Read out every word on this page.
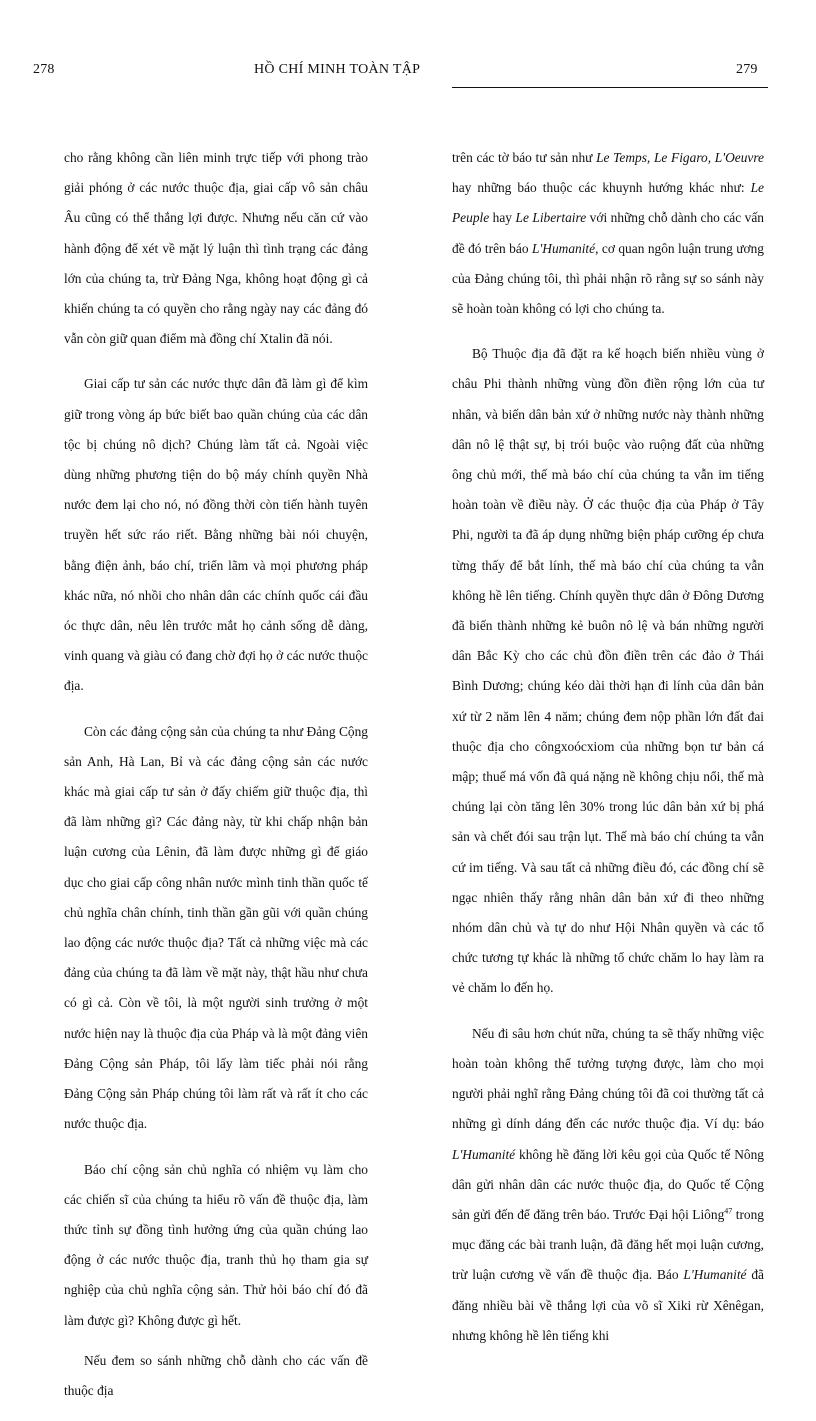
278	HỒ CHÍ MINH TOÀN TẬP	279

cho rằng không cần liên minh trực tiếp với phong trào giải phóng ở các nước thuộc địa, giai cấp vô sản châu Âu cũng có thể thắng lợi được. Nhưng nếu căn cứ vào hành động để xét về mặt lý luận thì tình trạng các đảng lớn của chúng ta, trừ Đảng Nga, không hoạt động gì cả khiến chúng ta có quyền cho rằng ngày nay các đảng đó vẫn còn giữ quan điểm mà đồng chí Xtalin đã nói.

Giai cấp tư sản các nước thực dân đã làm gì để kìm giữ trong vòng áp bức biết bao quần chúng của các dân tộc bị chúng nô dịch? Chúng làm tất cả. Ngoài việc dùng những phương tiện do bộ máy chính quyền Nhà nước đem lại cho nó, nó đồng thời còn tiến hành tuyên truyền hết sức ráo riết. Bằng những bài nói chuyện, bằng điện ảnh, báo chí, triển lãm và mọi phương pháp khác nữa, nó nhồi cho nhân dân các chính quốc cái đầu óc thực dân, nêu lên trước mắt họ cảnh sống dễ dàng, vinh quang và giàu có đang chờ đợi họ ở các nước thuộc địa.

Còn các đảng cộng sản của chúng ta như Đảng Cộng sản Anh, Hà Lan, Bỉ và các đảng cộng sản các nước khác mà giai cấp tư sản ở đấy chiếm giữ thuộc địa, thì đã làm những gì? Các đảng này, từ khi chấp nhận bản luận cương của Lênin, đã làm được những gì để giáo dục cho giai cấp công nhân nước mình tinh thần quốc tế chủ nghĩa chân chính, tinh thần gần gũi với quần chúng lao động các nước thuộc địa? Tất cả những việc mà các đảng của chúng ta đã làm về mặt này, thật hầu như chưa có gì cả. Còn về tôi, là một người sinh trưởng ở một nước hiện nay là thuộc địa của Pháp và là một đảng viên Đảng Cộng sản Pháp, tôi lấy làm tiếc phải nói rằng Đảng Cộng sản Pháp chúng tôi làm rất và rất ít cho các nước thuộc địa.

Báo chí cộng sản chủ nghĩa có nhiệm vụ làm cho các chiến sĩ của chúng ta hiểu rõ vấn đề thuộc địa, làm thức tỉnh sự đồng tình hưởng ứng của quần chúng lao động ở các nước thuộc địa, tranh thủ họ tham gia sự nghiệp của chủ nghĩa cộng sản. Thử hỏi báo chí đó đã làm được gì? Không được gì hết.

Nếu đem so sánh những chỗ dành cho các vấn đề thuộc địa

trên các tờ báo tư sản như Le Temps, Le Figaro, L'Oeuvre hay những báo thuộc các khuynh hướng khác như: Le Peuple hay Le Libertaire với những chỗ dành cho các vấn đề đó trên báo L'Humanité, cơ quan ngôn luận trung ương của Đảng chúng tôi, thì phải nhận rõ rằng sự so sánh này sẽ hoàn toàn không có lợi cho chúng ta.

Bộ Thuộc địa đã đặt ra kế hoạch biến nhiều vùng ở châu Phi thành những vùng đồn điền rộng lớn của tư nhân, và biến dân bản xứ ở những nước này thành những dân nô lệ thật sự, bị trói buộc vào ruộng đất của những ông chủ mới, thế mà báo chí của chúng ta vẫn im tiếng hoàn toàn về điều này. Ở các thuộc địa của Pháp ở Tây Phi, người ta đã áp dụng những biện pháp cưỡng ép chưa từng thấy để bắt lính, thế mà báo chí của chúng ta vẫn không hề lên tiếng. Chính quyền thực dân ở Đông Dương đã biến thành những kẻ buôn nô lệ và bán những người dân Bắc Kỳ cho các chủ đồn điền trên các đảo ở Thái Bình Dương; chúng kéo dài thời hạn đi lính của dân bản xứ từ 2 năm lên 4 năm; chúng đem nộp phần lớn đất đai thuộc địa cho côngxoócxiom của những bọn tư bản cá mập; thuế má vốn đã quá nặng nề không chịu nổi, thế mà chúng lại còn tăng lên 30% trong lúc dân bản xứ bị phá sản và chết đói sau trận lụt. Thế mà báo chí chúng ta vẫn cứ im tiếng. Và sau tất cả những điều đó, các đồng chí sẽ ngạc nhiên thấy rằng nhân dân bản xứ đi theo những nhóm dân chủ và tự do như Hội Nhân quyền và các tổ chức tương tự khác là những tổ chức chăm lo hay làm ra vẻ chăm lo đến họ.

Nếu đi sâu hơn chút nữa, chúng ta sẽ thấy những việc hoàn toàn không thể tưởng tượng được, làm cho mọi người phải nghĩ rằng Đảng chúng tôi đã coi thường tất cả những gì dính dáng đến các nước thuộc địa. Ví dụ: báo L'Humanité không hề đăng lời kêu gọi của Quốc tế Nông dân gửi nhân dân các nước thuộc địa, do Quốc tế Cộng sản gửi đến để đăng trên báo. Trước Đại hội Liông$^{47}$ trong mục đăng các bài tranh luận, đã đăng hết mọi luận cương, trừ luận cương về vấn đề thuộc địa. Báo L'Humanité đã đăng nhiều bài về thắng lợi của võ sĩ Xiki rừ Xênêgan, nhưng không hề lên tiếng khi
